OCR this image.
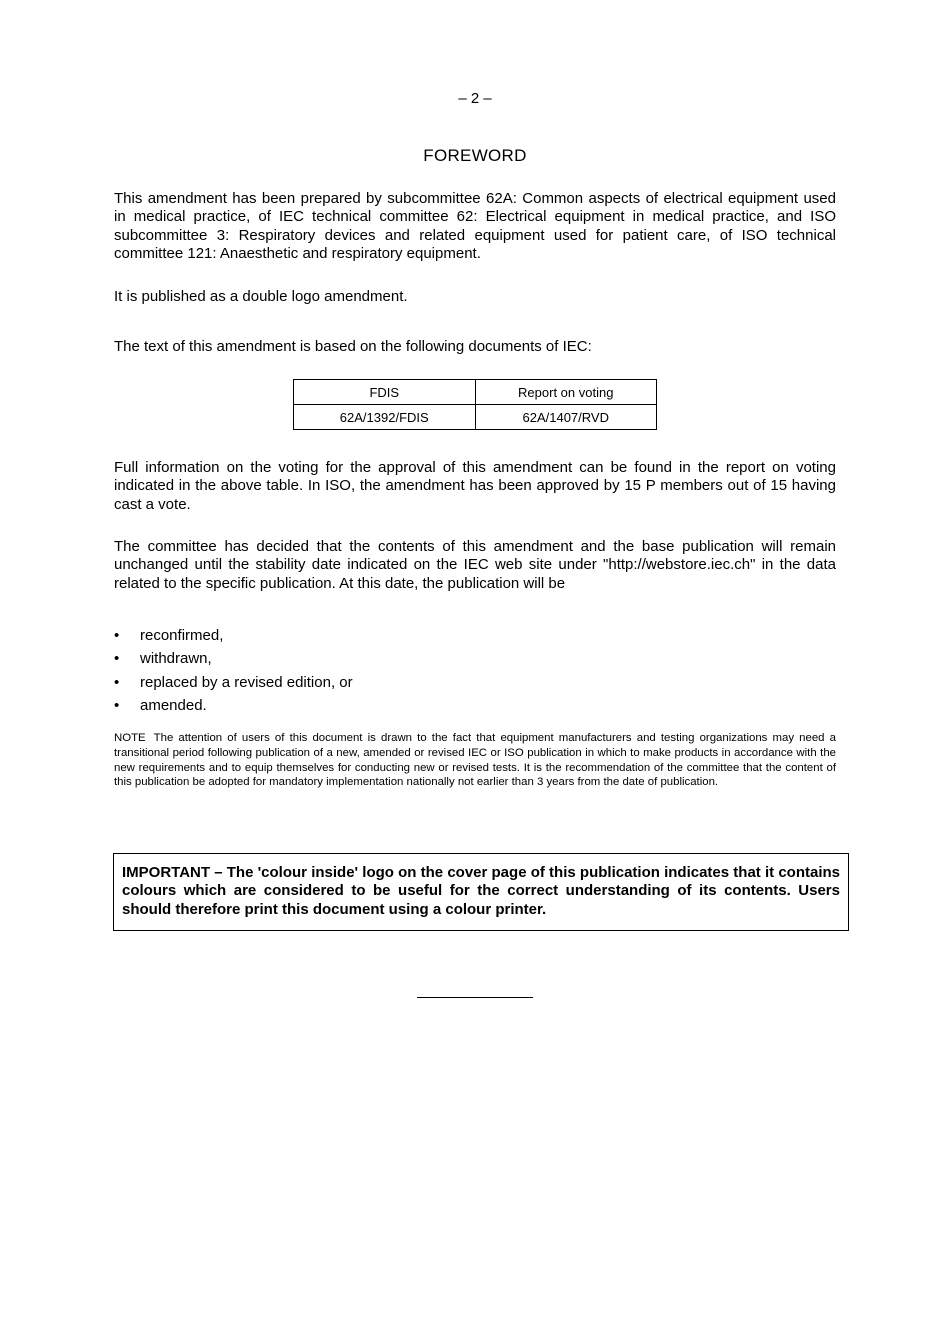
– 2 –
FOREWORD

This amendment has been prepared by subcommittee 62A: Common aspects of electrical equipment used in medical practice, of IEC technical committee 62: Electrical equipment in medical practice, and ISO subcommittee 3: Respiratory devices and related equipment used for patient care, of ISO technical committee 121: Anaesthetic and respiratory equipment.

It is published as a double logo amendment.

The text of this amendment is based on the following documents of IEC:

FDIS	Report on voting
62A/1392/FDIS	62A/1407/RVD

Full information on the voting for the approval of this amendment can be found in the report on voting indicated in the above table. In ISO, the amendment has been approved by 15 P members out of 15 having cast a vote.

The committee has decided that the contents of this amendment and the base publication will remain unchanged until the stability date indicated on the IEC web site under "http://webstore.iec.ch" in the data related to the specific publication. At this date, the publication will be

• reconfirmed,
• withdrawn,
• replaced by a revised edition, or
• amended.

NOTE The attention of users of this document is drawn to the fact that equipment manufacturers and testing organizations may need a transitional period following publication of a new, amended or revised IEC or ISO publication in which to make products in accordance with the new requirements and to equip themselves for conducting new or revised tests. It is the recommendation of the committee that the content of this publication be adopted for mandatory implementation nationally not earlier than 3 years from the date of publication.

IMPORTANT – The 'colour inside' logo on the cover page of this publication indicates that it contains colours which are considered to be useful for the correct understanding of its contents. Users should therefore print this document using a colour printer.
